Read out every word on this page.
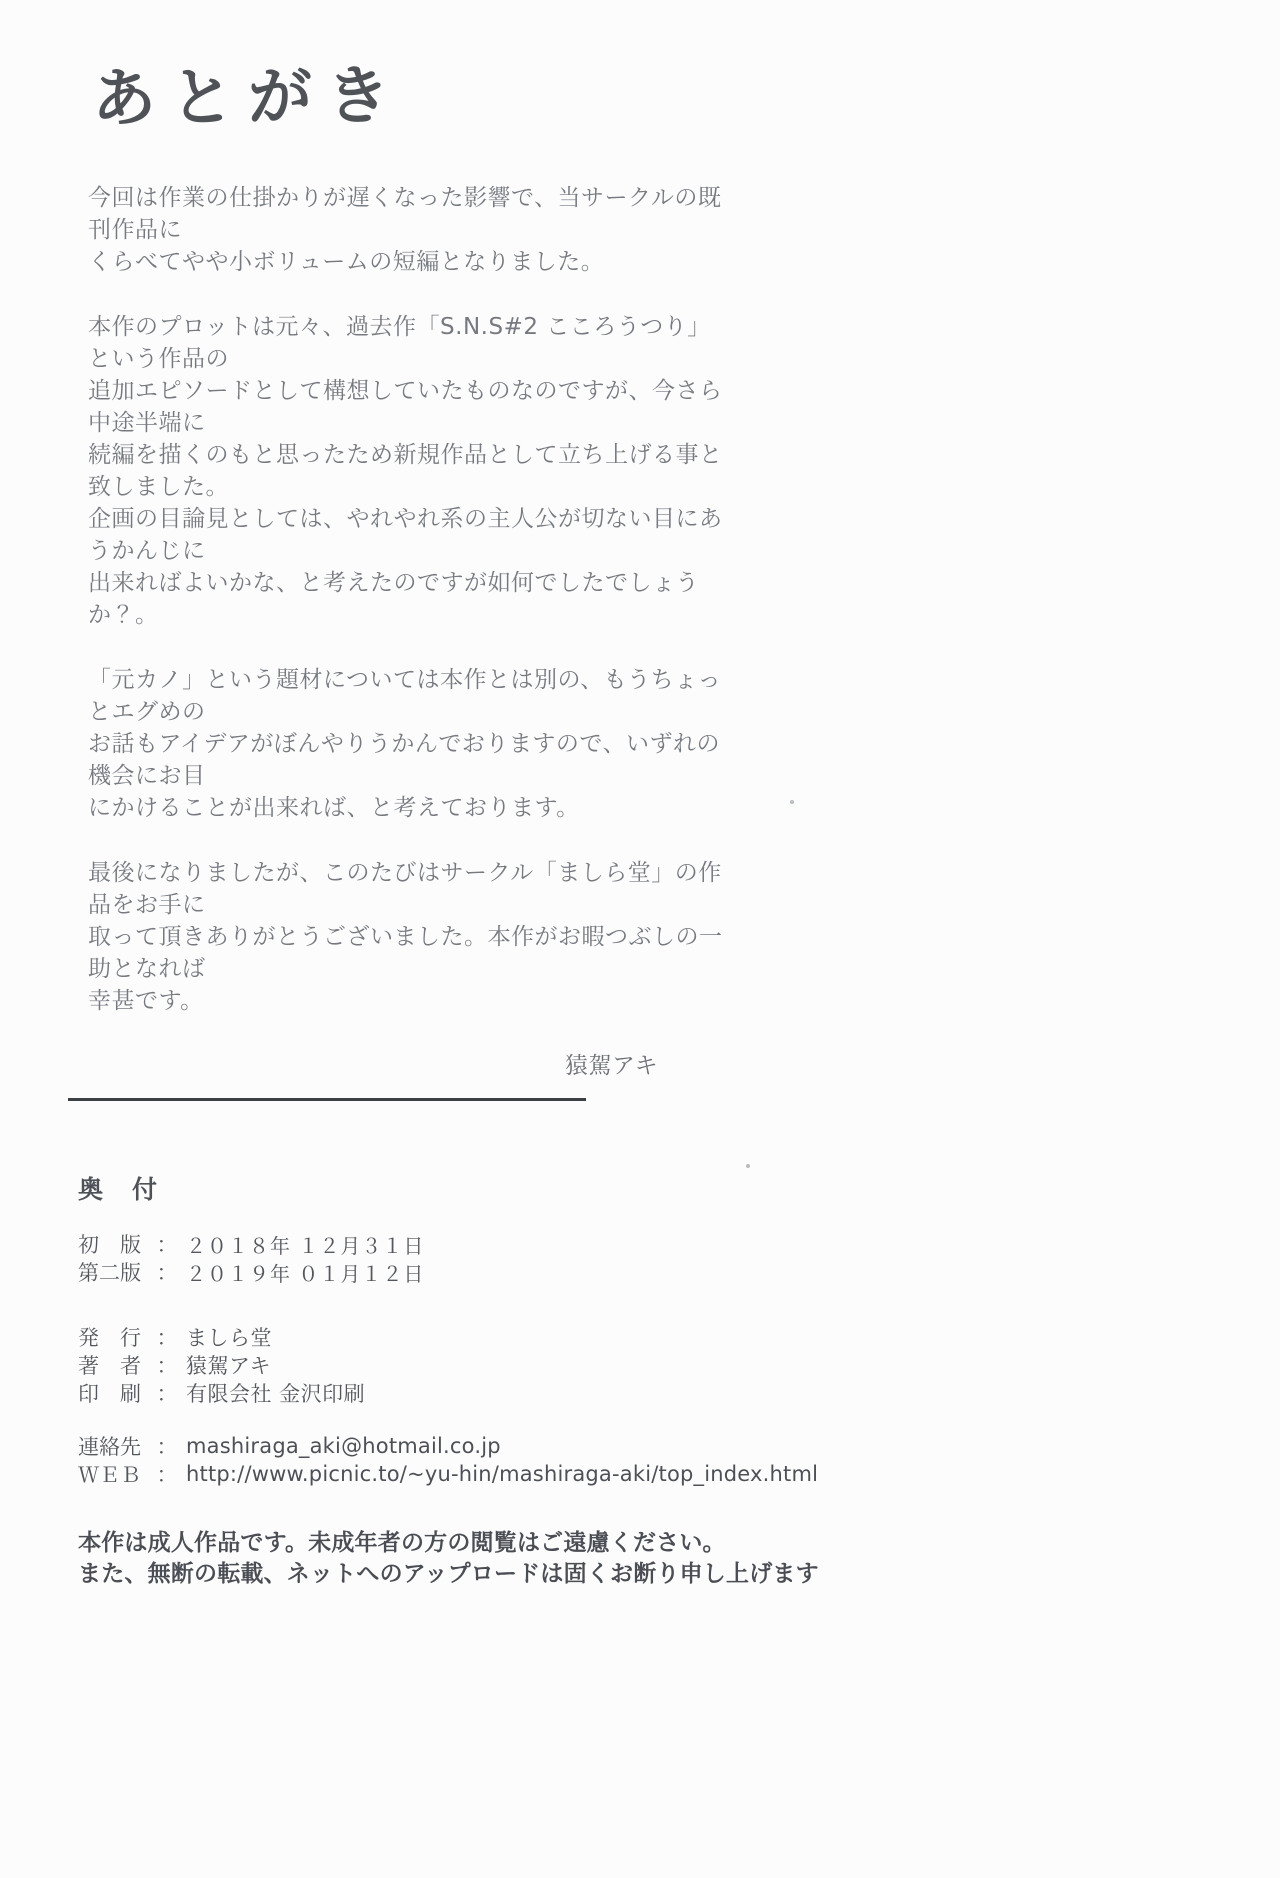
あとがき

今回は作業の仕掛かりが遅くなった影響で、当サークルの既刊作品に
くらべてやや小ボリュームの短編となりました。

本作のプロットは元々、過去作「S.N.S#2 こころうつり」という作品の
追加エピソードとして構想していたものなのですが、今さら中途半端に
続編を描くのもと思ったため新規作品として立ち上げる事と致しました。
企画の目論見としては、やれやれ系の主人公が切ない目にあうかんじに
出来ればよいかな、と考えたのですが如何でしたでしょうか？。

「元カノ」という題材については本作とは別の、もうちょっとエグめの
お話もアイデアがぼんやりうかんでおりますので、いずれの機会にお目
にかけることが出来れば、と考えております。

最後になりましたが、このたびはサークル「ましら堂」の作品をお手に
取って頂きありがとうございました。本作がお暇つぶしの一助となれば
幸甚です。

猿駕アキ
奥　付
初　版 ： ２０１８年 １２月３１日
第二版 ： ２０１９年 ０１月１２日
発　行 ： ましら堂
著　者 ： 猿駕アキ
印　刷 ： 有限会社 金沢印刷
連絡先 ： mashiraga_aki@hotmail.co.jp
ＷＥＢ ： http://www.picnic.to/~yu-hin/mashiraga-aki/top_index.html
本作は成人作品です。未成年者の方の閲覧はご遠慮ください。
また、無断の転載、ネットへのアップロードは固くお断り申し上げます
